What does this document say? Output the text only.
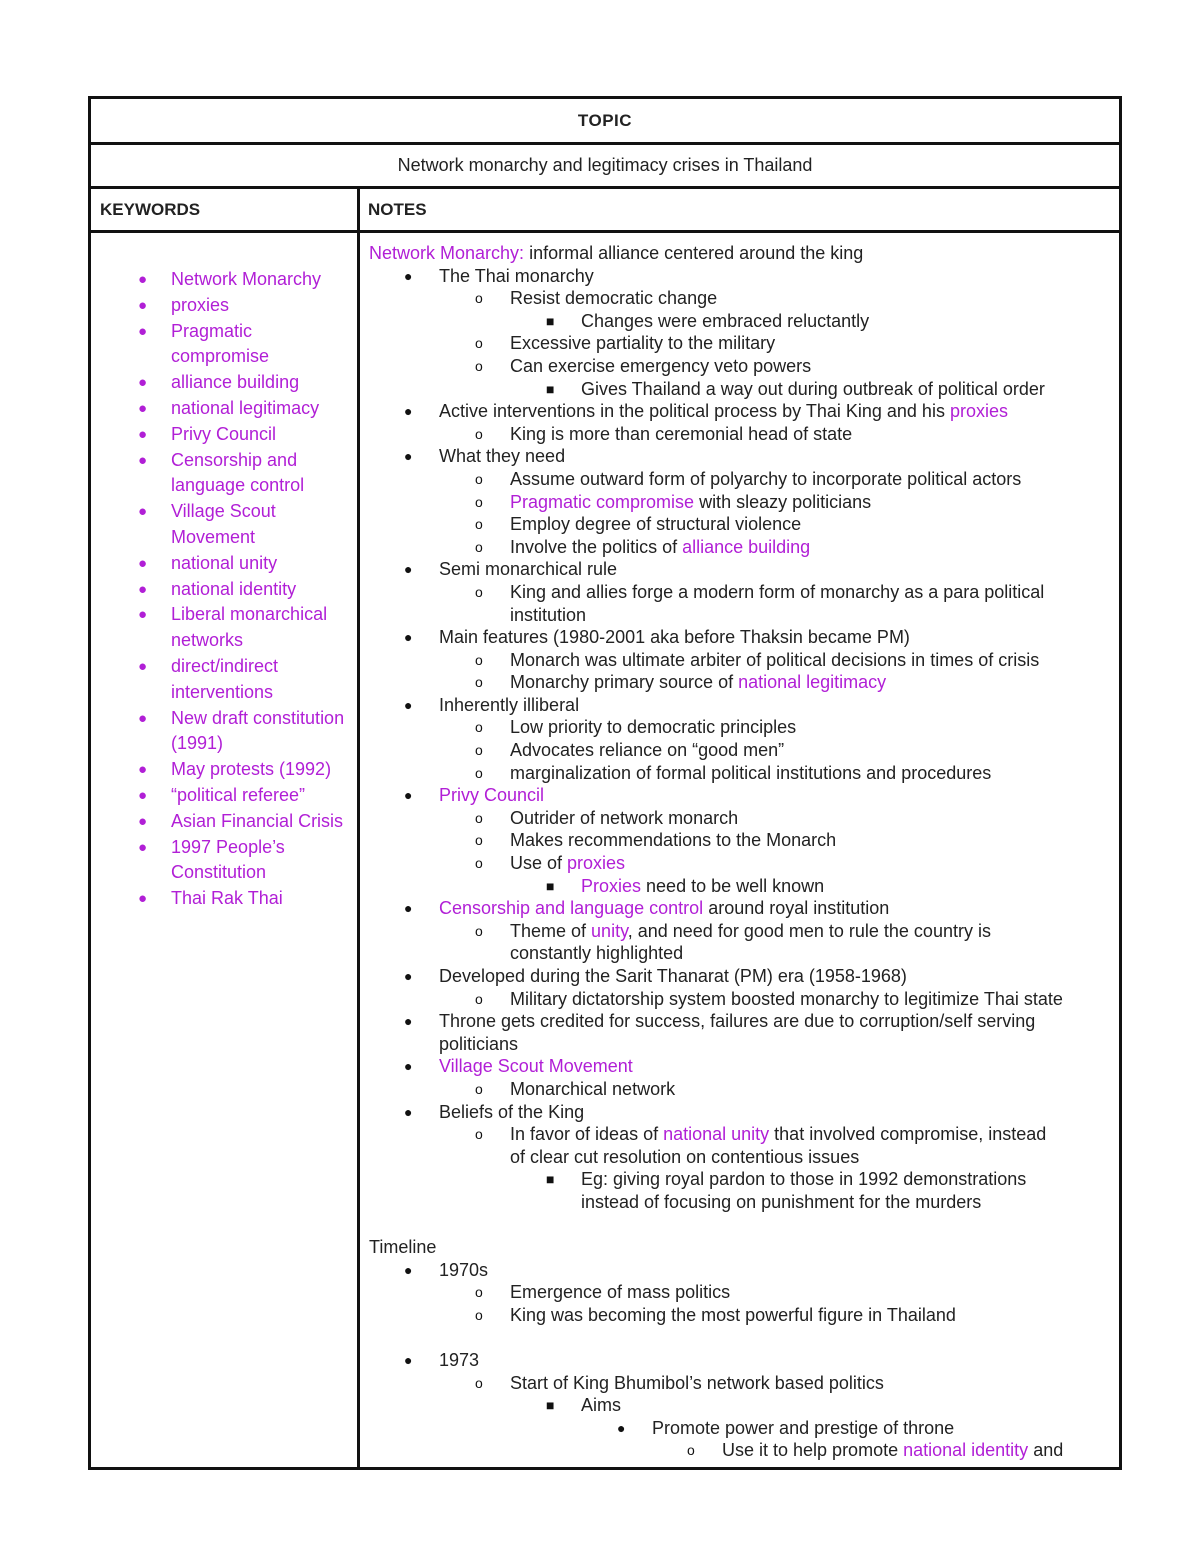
TOPIC
Network monarchy and legitimacy crises in Thailand
KEYWORDS	NOTES
● Network Monarchy
● proxies
● Pragmatic compromise
● alliance building
● national legitimacy
● Privy Council
● Censorship and language control
● Village Scout Movement
● national unity
● national identity
● Liberal monarchical networks
● direct/indirect interventions
● New draft constitution (1991)
● May protests (1992)
● “political referee”
● Asian Financial Crisis
● 1997 People’s Constitution
● Thai Rak Thai
Network Monarchy: informal alliance centered around the king
● The Thai monarchy
o Resist democratic change
■ Changes were embraced reluctantly
o Excessive partiality to the military
o Can exercise emergency veto powers
■ Gives Thailand a way out during outbreak of political order
● Active interventions in the political process by Thai King and his proxies
o King is more than ceremonial head of state
● What they need
o Assume outward form of polyarchy to incorporate political actors
o Pragmatic compromise with sleazy politicians
o Employ degree of structural violence
o Involve the politics of alliance building
● Semi monarchical rule
o King and allies forge a modern form of monarchy as a para political
institution
● Main features (1980-2001 aka before Thaksin became PM)
o Monarch was ultimate arbiter of political decisions in times of crisis
o Monarchy primary source of national legitimacy
● Inherently illiberal
o Low priority to democratic principles
o Advocates reliance on “good men”
o marginalization of formal political institutions and procedures
● Privy Council
o Outrider of network monarch
o Makes recommendations to the Monarch
o Use of proxies
■ Proxies need to be well known
● Censorship and language control around royal institution
o Theme of unity, and need for good men to rule the country is
constantly highlighted
● Developed during the Sarit Thanarat (PM) era (1958-1968)
o Military dictatorship system boosted monarchy to legitimize Thai state
● Throne gets credited for success, failures are due to corruption/self serving
politicians
● Village Scout Movement
o Monarchical network
● Beliefs of the King
o In favor of ideas of national unity that involved compromise, instead
of clear cut resolution on contentious issues
■ Eg: giving royal pardon to those in 1992 demonstrations
instead of focusing on punishment for the murders
Timeline
● 1970s
o Emergence of mass politics
o King was becoming the most powerful figure in Thailand
● 1973
o Start of King Bhumibol’s network based politics
■ Aims
● Promote power and prestige of throne
o Use it to help promote national identity and
